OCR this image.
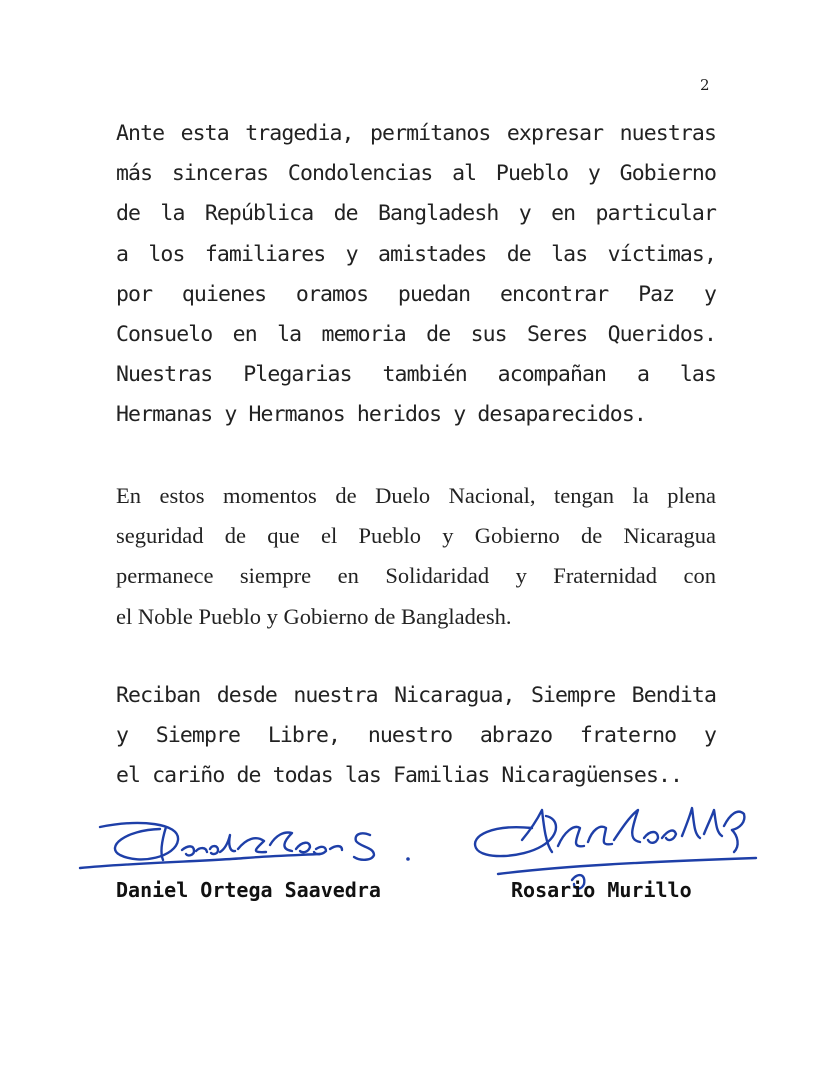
2
Ante esta tragedia, permítanos expresar nuestras
más sinceras Condolencias al Pueblo y Gobierno
de la República de Bangladesh y en particular
a los familiares y amistades de las víctimas,
por quienes oramos puedan encontrar Paz y
Consuelo en la memoria de sus Seres Queridos.
Nuestras Plegarias también acompañan a las
Hermanas y Hermanos heridos y desaparecidos.
En estos momentos de Duelo Nacional, tengan la plena
seguridad de que el Pueblo y Gobierno de Nicaragua
permanece siempre en Solidaridad y Fraternidad con
el Noble Pueblo y Gobierno de Bangladesh.
Reciban desde nuestra Nicaragua, Siempre Bendita
y Siempre Libre, nuestro abrazo fraterno y
el cariño de todas las Familias Nicaragüenses..
Daniel Ortega Saavedra	Rosario Murillo
